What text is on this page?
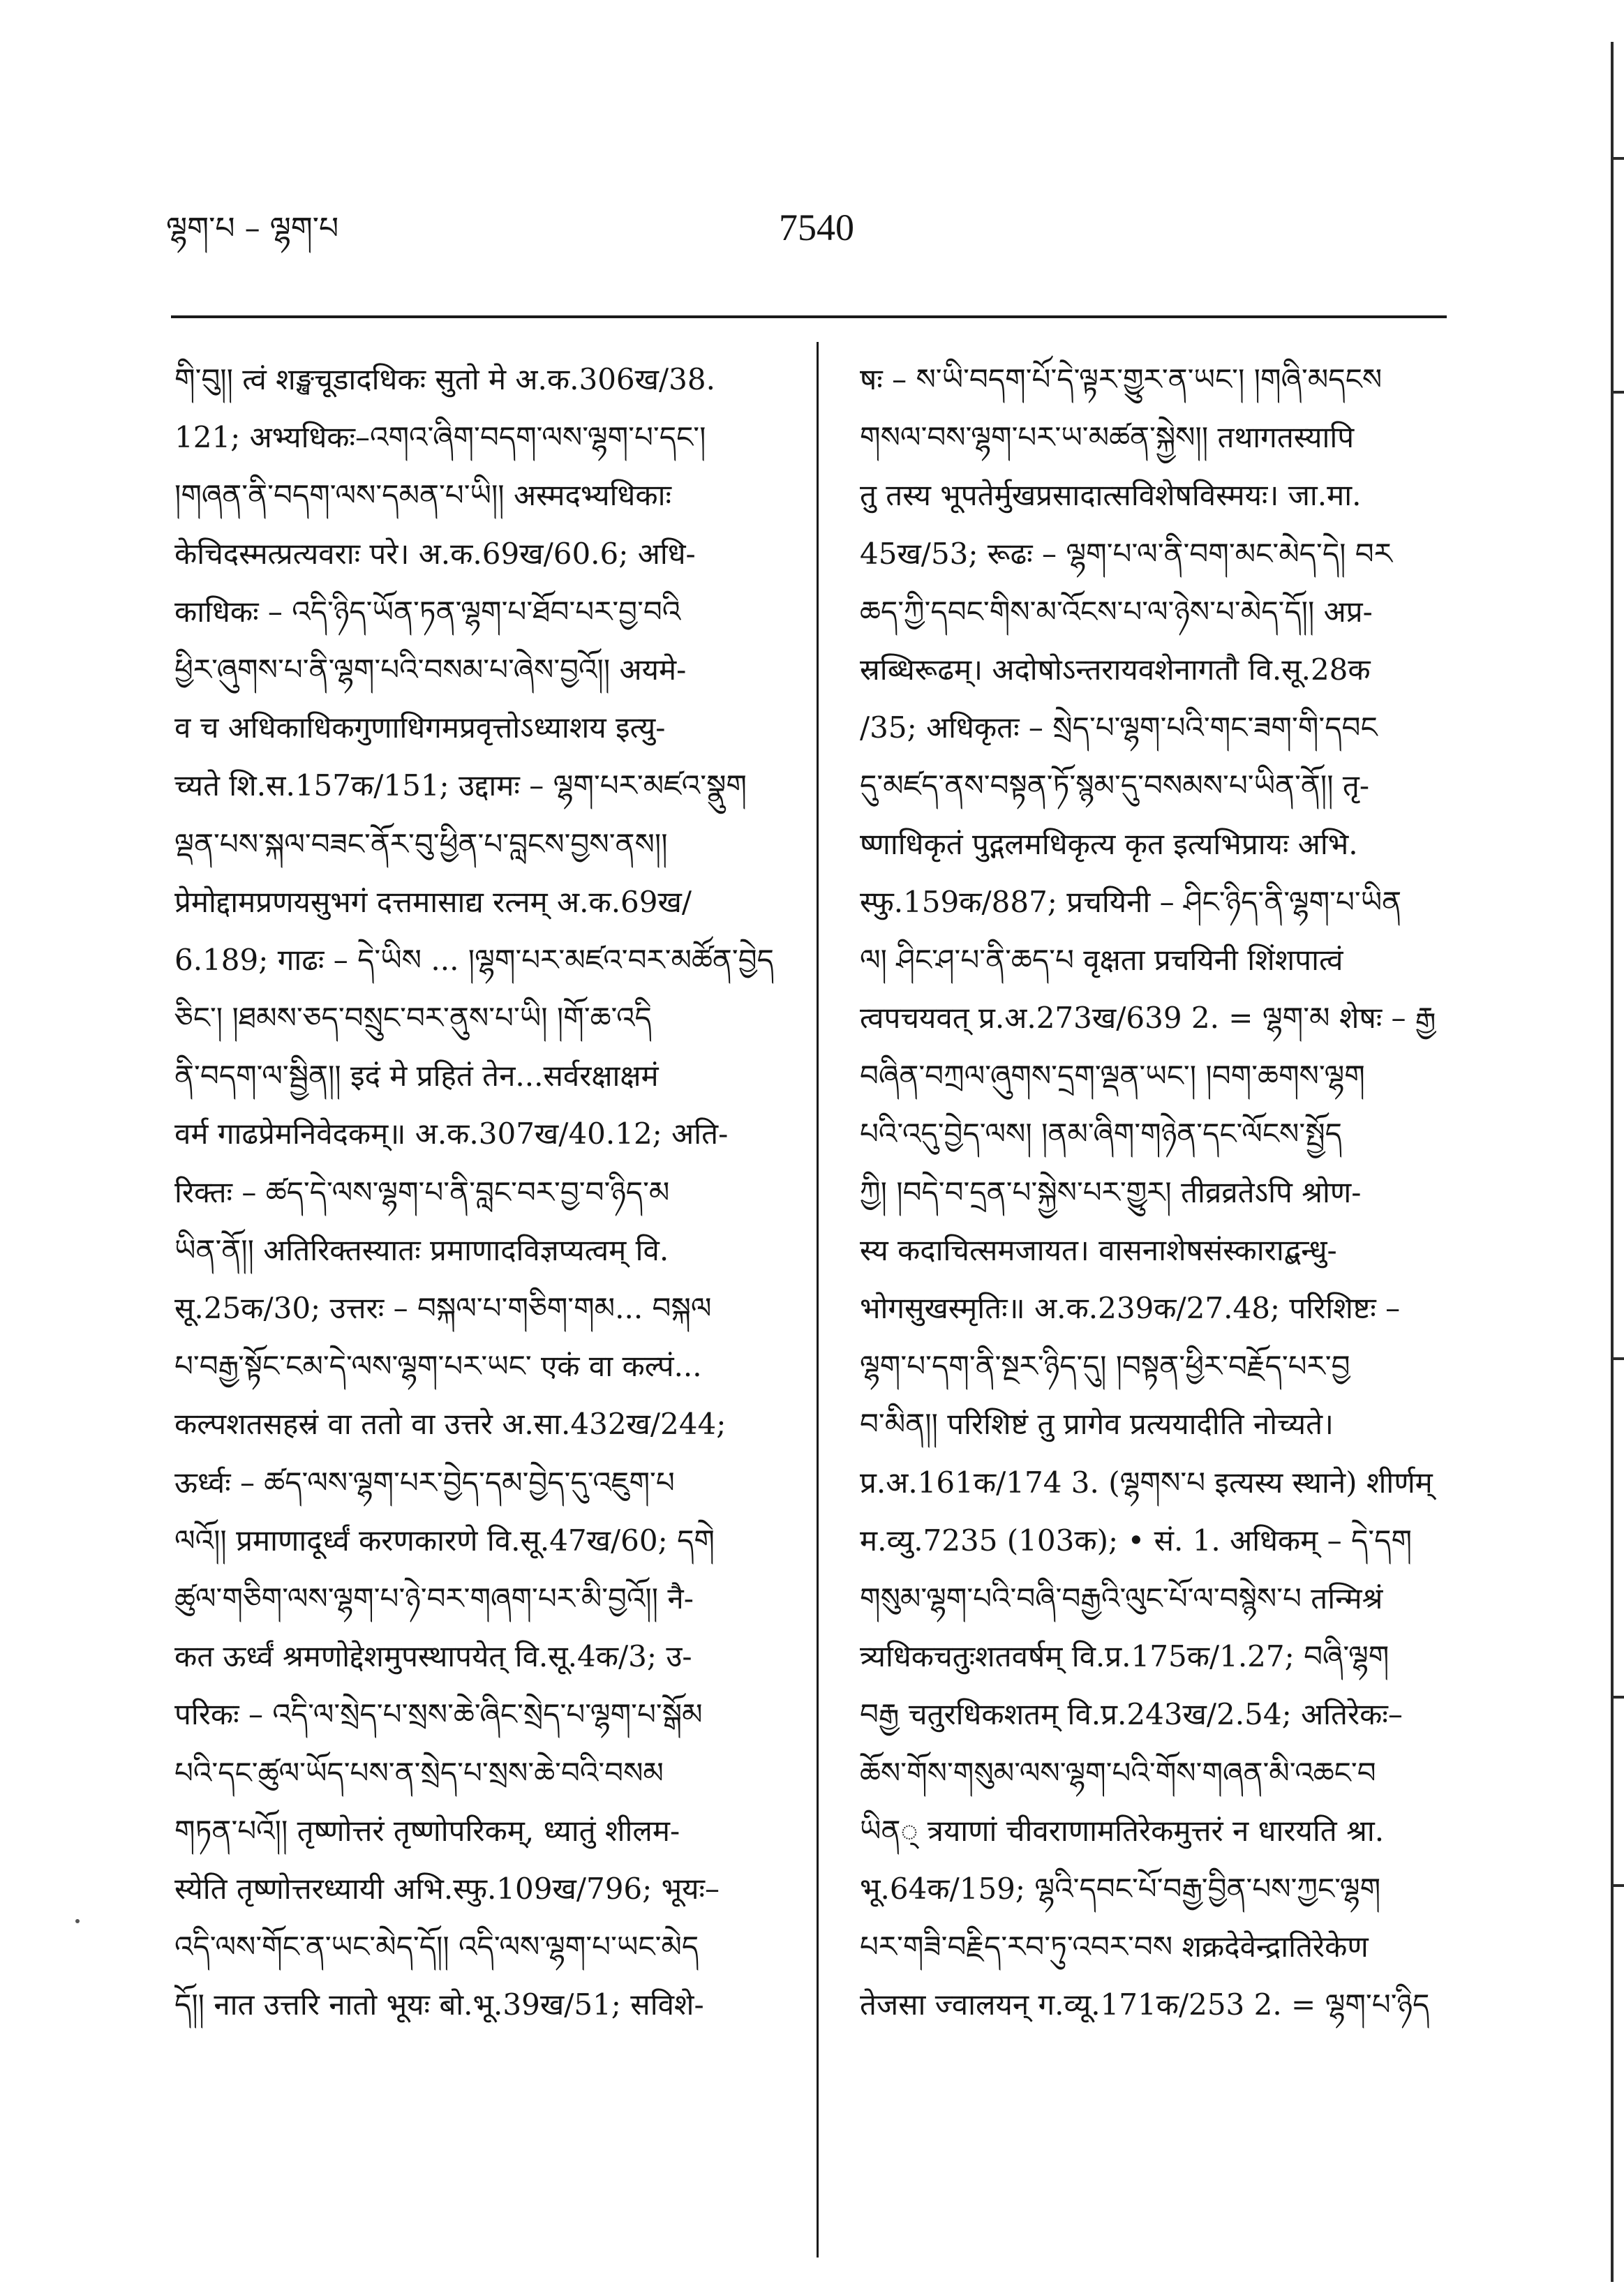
ལྷག་པ – ལྷག་པ	7540
གི་བུ།། त्वं शङ्खचूडादधिकः सुतो मे अ.क.306ख/38.
121; अभ्यधिकः–འགའ་ཞིག་བདག་ལས་ལྷག་པ་དང་།
།གཞན་ནི་བདག་ལས་དམན་པ་ཡི།། अस्मदभ्यधिकाः
केचिदस्मत्प्रत्यवराः परे। अ.क.69ख/60.6; अधि-
काधिकः – འདི་ཉིད་ཡོན་ཏན་ལྷག་པ་ཐོབ་པར་བྱ་བའི
ཕྱིར་ཞུགས་པ་ནི་ལྷག་པའི་བསམ་པ་ཞེས་བྱའོ།། अयमे-
व च अधिकाधिकगुणाधिगमप्रवृत्तोऽध्याशय इत्यु-
च्यते शि.स.157क/151; उद्दामः – ལྷག་པར་མཛའ་སྣུག
ལྡན་པས་སྐལ་བཟང་ནོར་བུ་ཕྱིན་པ་བླངས་བྱས་ནས།།
प्रेमोद्दामप्रणयसुभगं दत्तमासाद्य रत्नम् अ.क.69ख/
6.189; गाढः – དེ་ཡིས ... །ལྷག་པར་མཛའ་བར་མཚོན་བྱེད
ཅིང་། །ཐམས་ཅད་བསྲུང་བར་ནུས་པ་ཡི། །གོ་ཆ་འདི
ནི་བདག་ལ་སྦྱིན།། इदं मे प्रहितं तेन...सर्वरक्षाक्षमं
वर्म गाढप्रेमनिवेदकम्॥ अ.क.307ख/40.12; अति-
रिक्तः – ཚད་དེ་ལས་ལྷག་པ་ནི་བླང་བར་བྱ་བ་ཉིད་མ
ཡིན་ནོ།། अतिरिक्तस्यातः प्रमाणादविज्ञप्यत्वम् वि.
सू.25क/30; उत्तरः – བསྐལ་པ་གཅིག་གམ... བསྐལ
པ་བརྒྱ་སྟོང་ངམ་དེ་ལས་ལྷག་པར་ཡང་ एकं वा कल्पं...
कल्पशतसहस्रं वा ततो वा उत्तरे अ.सा.432ख/244;
ऊर्ध्वः – ཚད་ལས་ལྷག་པར་བྱེད་དམ་བྱེད་དུ་འཇུག་པ
ལའོ།། प्रमाणादूर्ध्वं करणकारणे वि.सू.47ख/60; དགེ
ཚུལ་གཅིག་ལས་ལྷག་པ་ཉེ་བར་གཞག་པར་མི་བྱའོ།། नै-
कत ऊर्ध्वं श्रमणोद्देशमुपस्थापयेत् वि.सू.4क/3; उ-
परिकः – འདི་ལ་སྲེད་པ་སྲས་ཆེ་ཞིང་སྲེད་པ་ལྷག་པ་སྒོམ
པའི་དང་ཚུལ་ཡོད་པས་ན་སྲེད་པ་སྲས་ཆེ་བའི་བསམ
གཏན་པའོ།། तृष्णोत्तरं तृष्णोपरिकम्, ध्यातुं शीलम-
स्येति तृष्णोत्तरध्यायी अभि.स्फु.109ख/796; भूयः–
འདི་ལས་གོང་ན་ཡང་མེད་དོ།། འདི་ལས་ལྷག་པ་ཡང་མེད
དོ།། नात उत्तरि नातो भूयः बो.भू.39ख/51; सविशे-
षः – ས་ཡི་བདག་པོ་དེ་ལྟར་གྱུར་ན་ཡང་། །གཞི་མདངས
གསལ་བས་ལྷག་པར་ཡ་མཚན་སྐྱེས།། तथागतस्यापि
तु तस्य भूपतेर्मुखप्रसादात्सविशेषविस्मयः। जा.मा.
45ख/53; रूढः – ལྷག་པ་ལ་ནི་བག་མང་མེད་དེ། བར
ཆད་ཀྱི་དབང་གིས་མ་འོངས་པ་ལ་ཉེས་པ་མེད་དོ།། अप्र-
स्रब्धिरूढम्। अदोषोऽन्तरायवशेनागतौ वि.सू.28क
/35; अधिकृतः – སྲེད་པ་ལྷག་པའི་གང་ཟག་གི་དབང
དུ་མཛད་ནས་བསྟན་ཏོ་སྙམ་དུ་བསམས་པ་ཡིན་ནོ།། तृ-
ष्णाधिकृतं पुद्गलमधिकृत्य कृत इत्यभिप्रायः अभि.
स्फु.159क/887; प्रचयिनी – ཤིང་ཉིད་ནི་ལྷག་པ་ཡིན
ལ། ཤིང་ཤ་པ་ནི་ཆད་པ वृक्षता प्रचयिनी शिंशपात्वं
त्वपचयवत् प्र.अ.273ख/639 2. = ལྷག་མ शेषः – རྒྱ
བཞིན་བཀྲལ་ཞུགས་དྲག་ལྡན་ཡང་། །བག་ཆགས་ལྷག
པའི་འདུ་བྱེད་ལས། །ནམ་ཞིག་གཉེན་དང་ལོངས་སྤྱོད
ཀྱི། །བདེ་བ་དྲན་པ་སྐྱེས་པར་གྱུར། तीव्रव्रतेऽपि श्रोण-
स्य कदाचित्समजायत। वासनाशेषसंस्काराद्बन्धु-
भोगसुखस्मृतिः॥ अ.क.239क/27.48; परिशिष्टः –
ལྷག་པ་དག་ནི་སྔར་ཉིད་དུ། །བསྟན་ཕྱིར་བརྗོད་པར་བྱ
བ་མིན།། परिशिष्टं तु प्रागेव प्रत्ययादीति नोच्यते।
प्र.अ.161क/174 3. (ལྷགས་པ इत्यस्य स्थाने) शीर्णम्
म.व्यु.7235 (103क); • सं. 1. अधिकम् – དེ་དག
གསུམ་ལྷག་པའི་བཞི་བརྒྱའི་ལུང་པོ་ལ་བསྙེས་པ तन्मिश्रं
त्र्यधिकचतुःशतवर्षम् वि.प्र.175क/1.27; བཞི་ལྷག
བརྒྱ चतुरधिकशतम् वि.प्र.243ख/2.54; अतिरेकः–
ཆོས་གོས་གསུམ་ལས་ལྷག་པའི་གོས་གཞན་མི་འཆང་བ
ཡིན् त्रयाणां चीवराणामतिरेकमुत्तरं न धारयति श्रा.
भू.64क/159; ལྷའི་དབང་པོ་བརྒྱ་བྱིན་པས་ཀྱང་ལྷག
པར་གཟི་བརྗིད་རབ་ཏུ་འབར་བས शक्रदेवेन्द्रातिरेकेण
तेजसा ज्वालयन् ग.व्यू.171क/253 2. = ལྷག་པ་ཉིད
